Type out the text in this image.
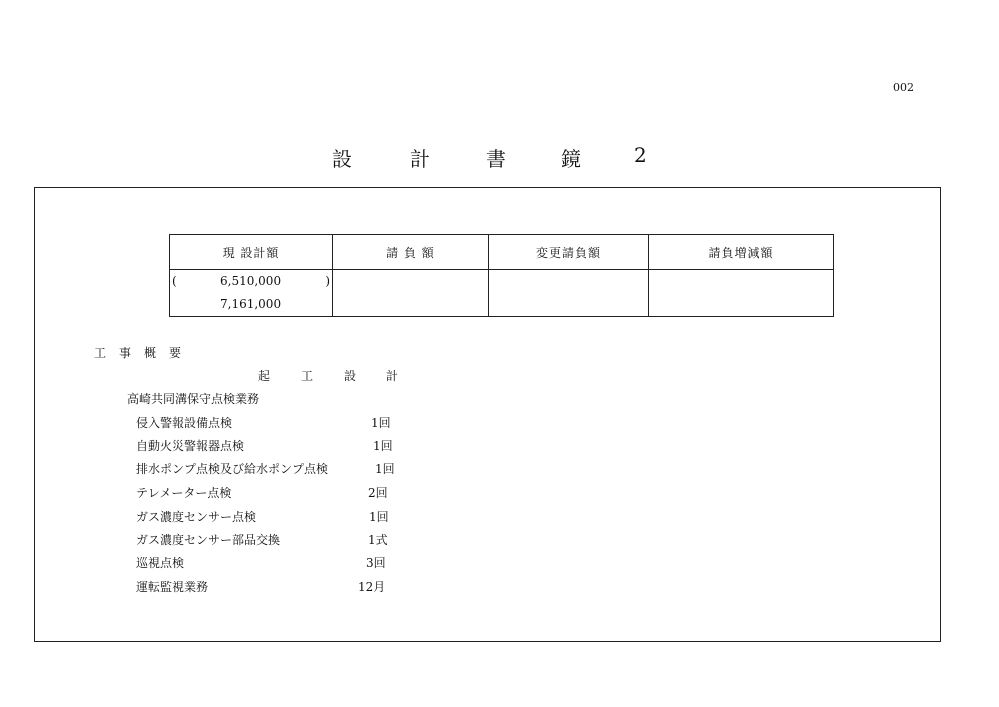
002
設	計	書	鏡	2
現 設計額	請 負 額	変更請負額	請負増減額

( 6,510,000 )
7,161,000			

工 事 概 要
起	工	設 計
高崎共同溝保守点検業務
侵入警報設備点検	1回
自動火災警報器点検	1回
排水ポンプ点検及び給水ポンプ点検	1回
テレメーター点検	2回
ガス濃度センサー点検	1回
ガス濃度センサー部品交換	1式
巡視点検	3回
運転監視業務	12月
